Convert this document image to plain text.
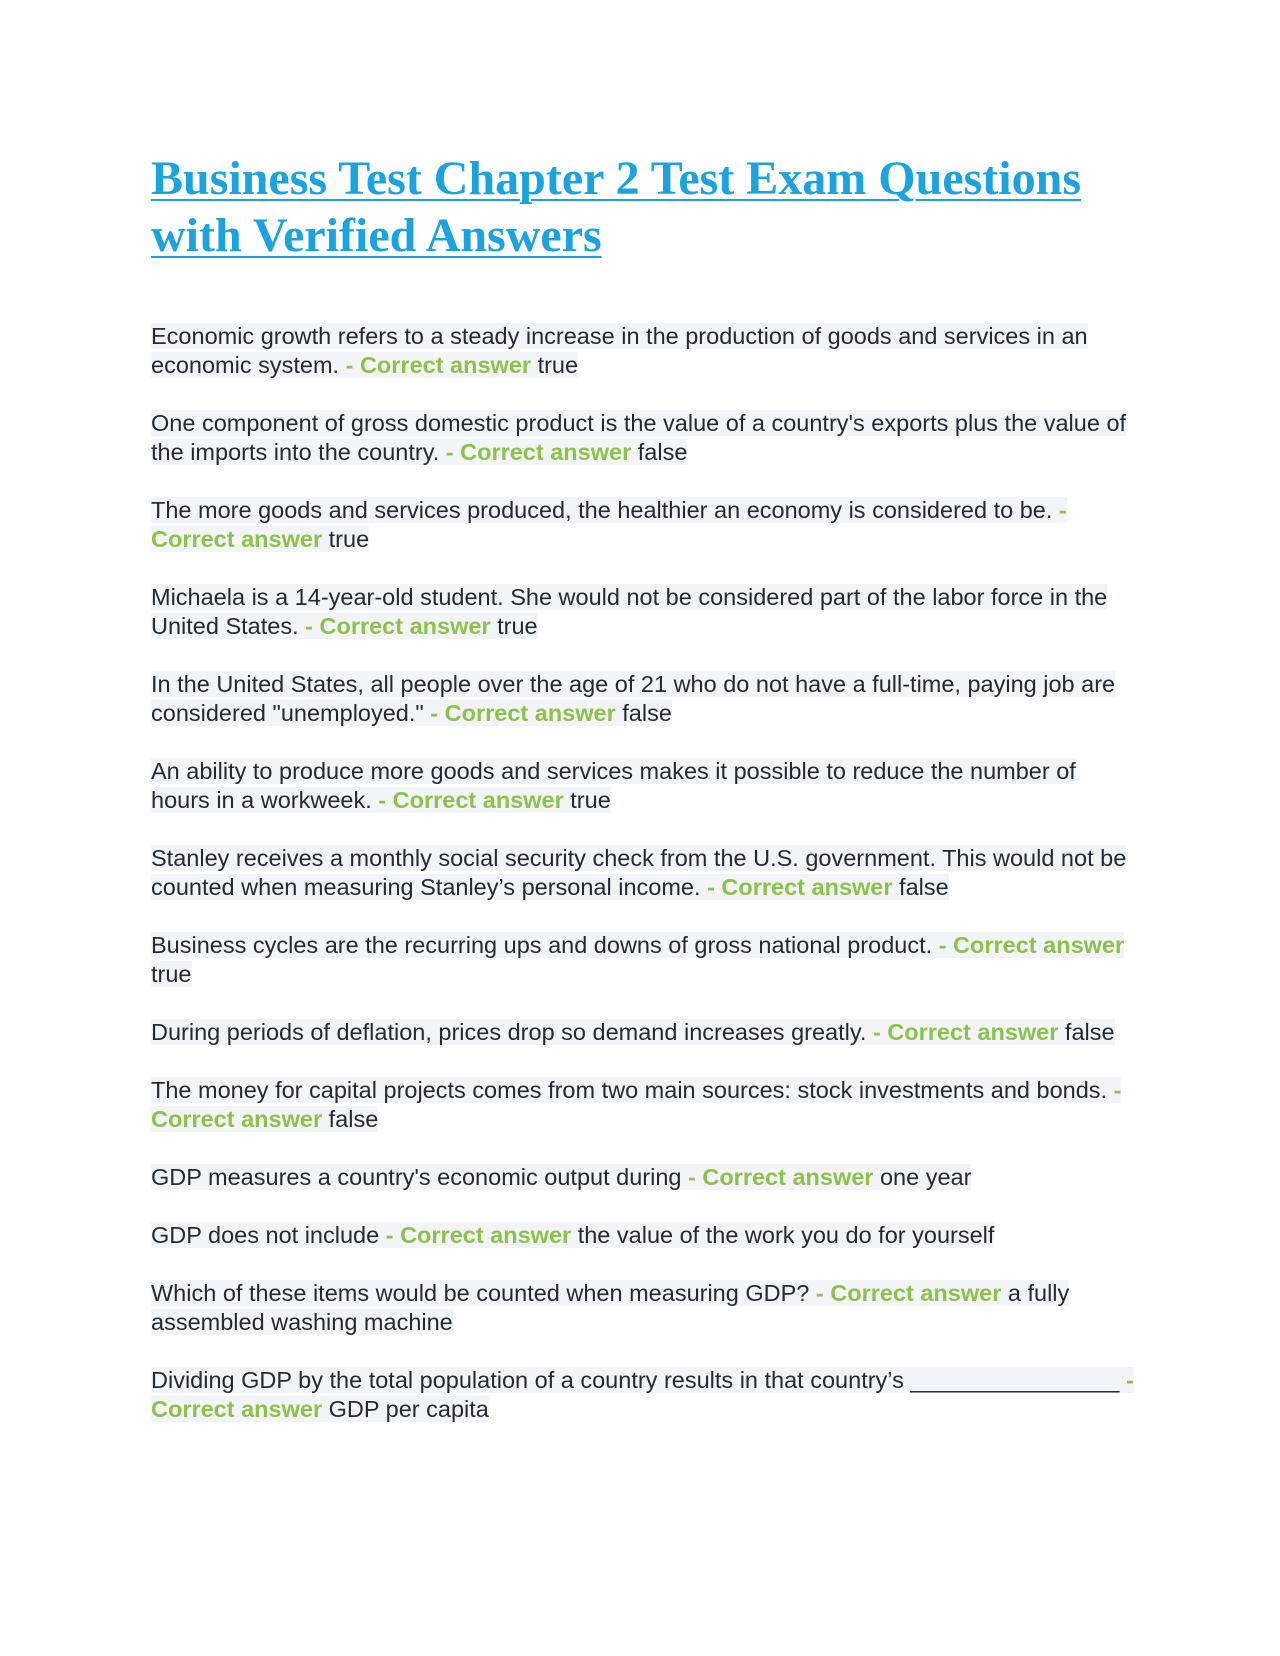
Business Test Chapter 2 Test Exam Questions with Verified Answers

Economic growth refers to a steady increase in the production of goods and services in an economic system. - Correct answer true

One component of gross domestic product is the value of a country's exports plus the value of the imports into the country. - Correct answer false

The more goods and services produced, the healthier an economy is considered to be. - Correct answer true

Michaela is a 14-year-old student. She would not be considered part of the labor force in the United States. - Correct answer true

In the United States, all people over the age of 21 who do not have a full-time, paying job are considered "unemployed." - Correct answer false

An ability to produce more goods and services makes it possible to reduce the number of hours in a workweek. - Correct answer true

Stanley receives a monthly social security check from the U.S. government. This would not be counted when measuring Stanley’s personal income. - Correct answer false

Business cycles are the recurring ups and downs of gross national product. - Correct answer true

During periods of deflation, prices drop so demand increases greatly. - Correct answer false

The money for capital projects comes from two main sources: stock investments and bonds. - Correct answer false

GDP measures a country's economic output during - Correct answer one year

GDP does not include - Correct answer the value of the work you do for yourself

Which of these items would be counted when measuring GDP? - Correct answer a fully assembled washing machine

Dividing GDP by the total population of a country results in that country’s ________________ - Correct answer GDP per capita
